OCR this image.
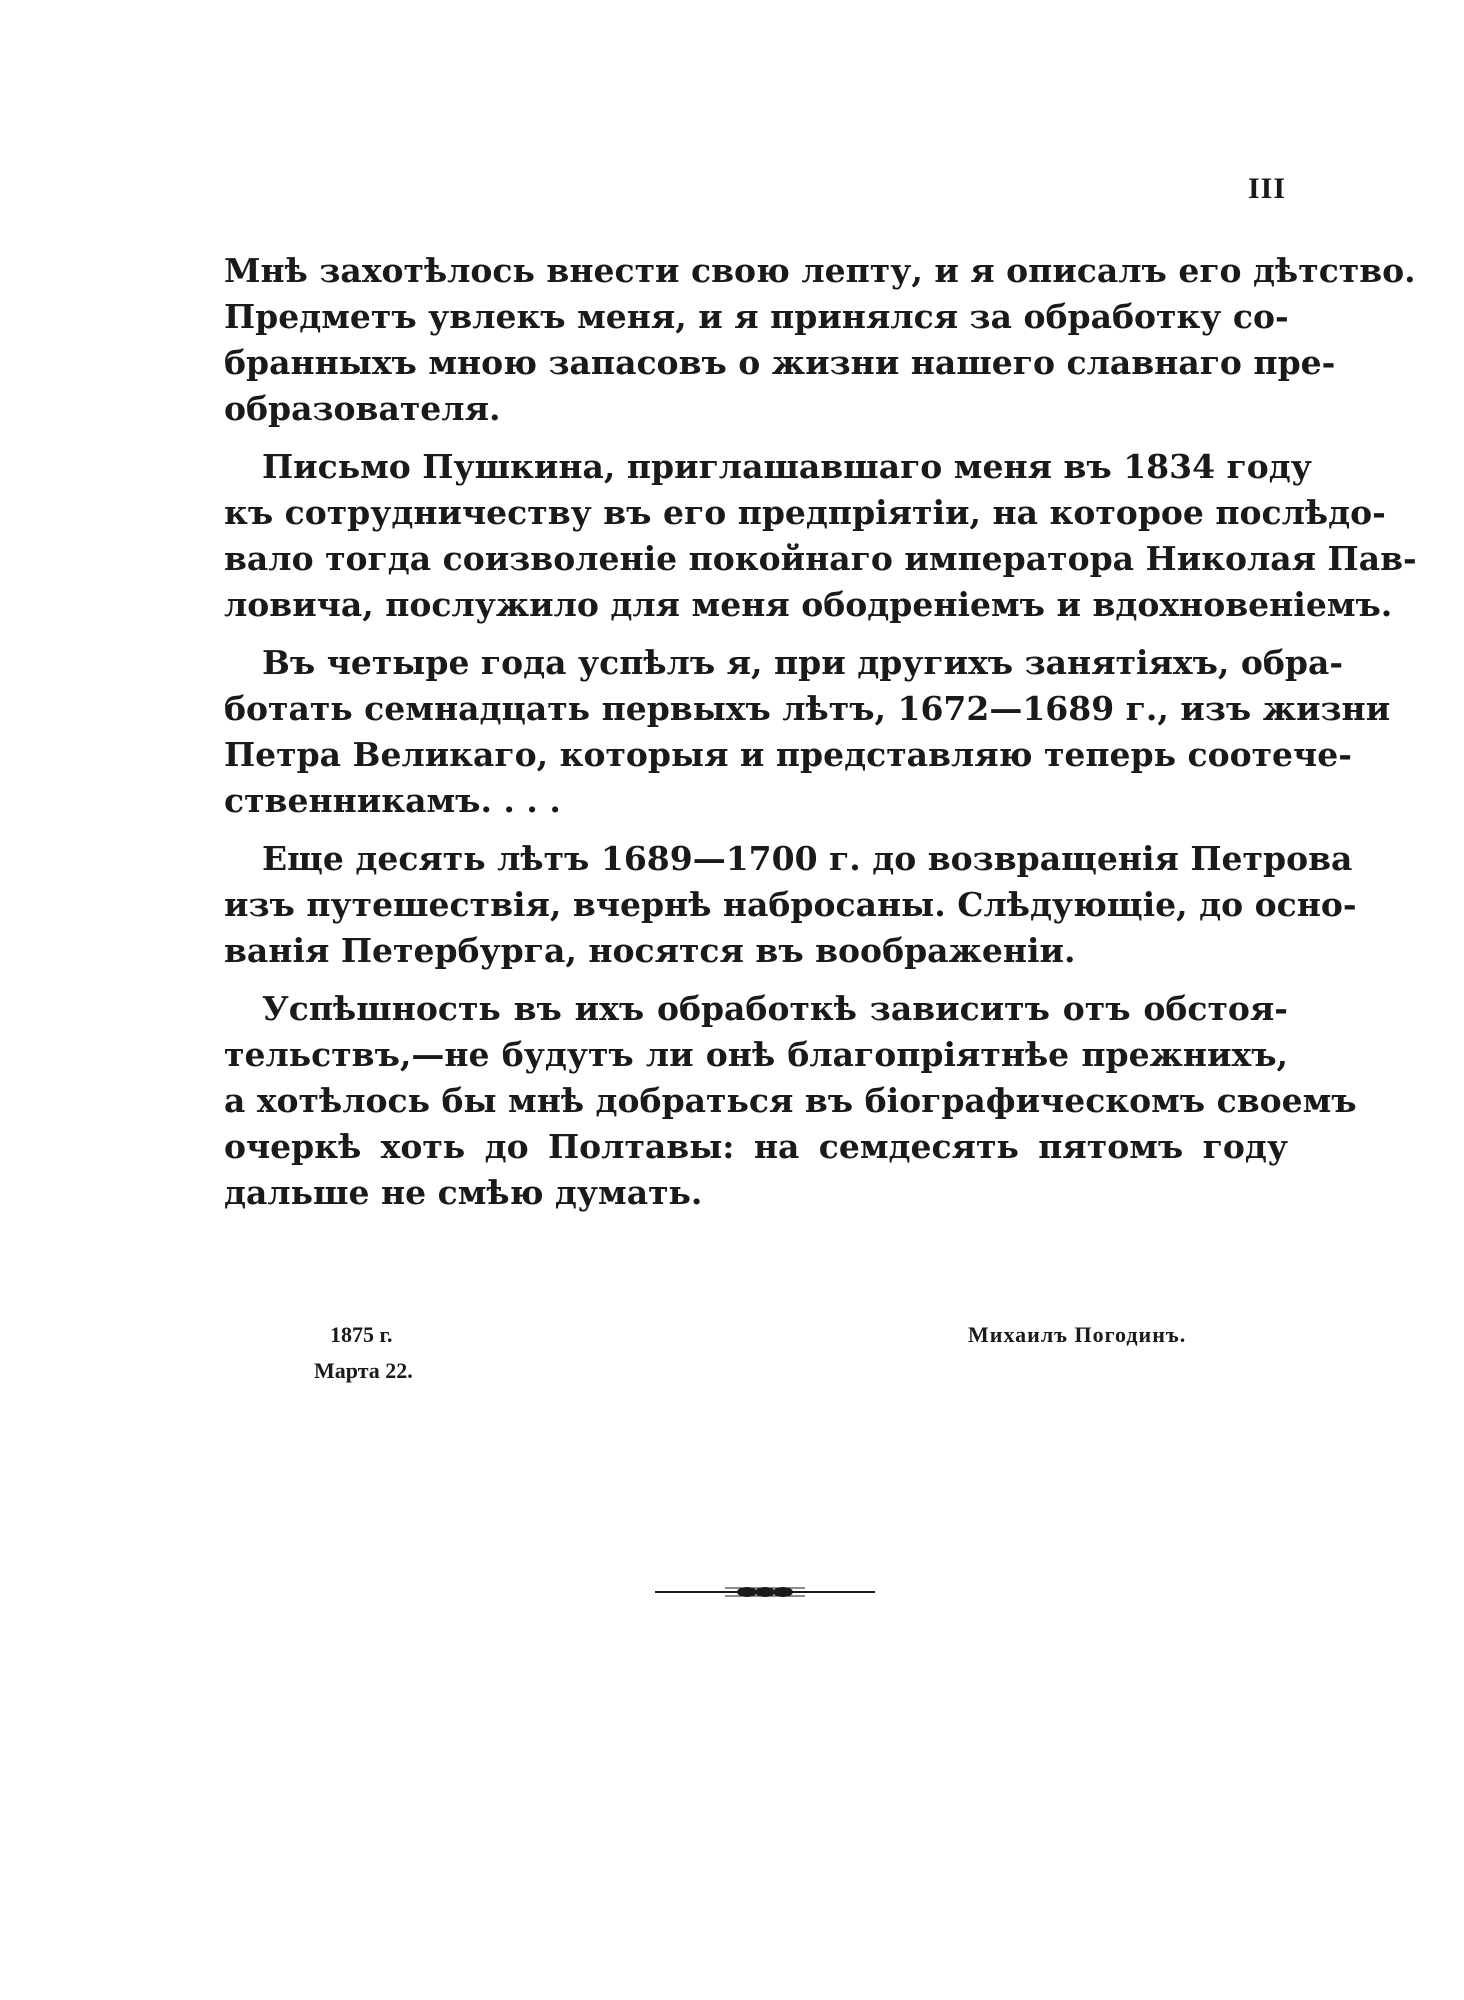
III
Мнѣ захотѣлось внести свою лепту, и я описалъ его дѣтство.
Предметъ увлекъ меня, и я принялся за обработку со-
бранныхъ мною запасовъ о жизни нашего славнаго пре-
образователя.
Письмо Пушкина, приглашавшаго меня въ 1834 году
къ сотрудничеству въ его предпріятіи, на которое послѣдо-
вало тогда соизволеніе покойнаго императора Николая Пав-
ловича, послужило для меня ободреніемъ и вдохновеніемъ.
Въ четыре года успѣлъ я, при другихъ занятіяхъ, обра-
ботать семнадцать первыхъ лѣтъ, 1672—1689 г., изъ жизни
Петра Великаго, которыя и представляю теперь соотече-
ственникамъ. . . .
Еще десять лѣтъ 1689—1700 г. до возвращенія Петрова
изъ путешествія, вчернѣ набросаны. Слѣдующіе, до осно-
ванія Петербурга, носятся въ воображеніи.
Успѣшность въ ихъ обработкѣ зависитъ отъ обстоя-
тельствъ,—не будутъ ли онѣ благопріятнѣе прежнихъ,
а хотѣлось бы мнѣ добраться въ біографическомъ своемъ
очеркѣ хоть до Полтавы: на семдесять пятомъ году
дальше не смѣю думать.
1875 г.
Марта 22.
Михаилъ Погодинъ.
